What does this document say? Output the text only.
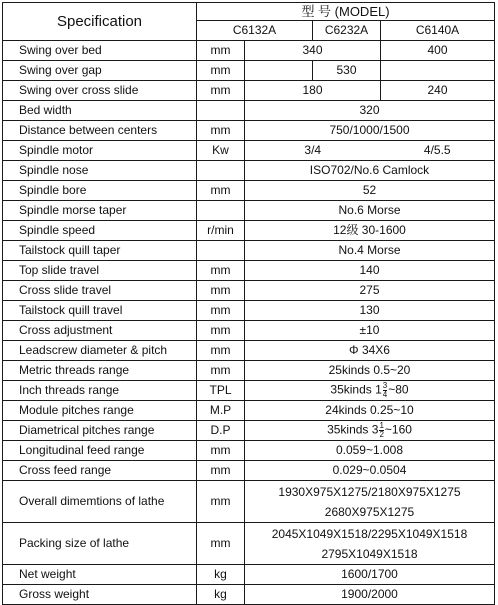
Specification	型 号 (MODEL)			
	C6132A		C6232A	C6140A
Swing over bed	mm	340		400
Swing over gap	mm		530	
Swing over cross slide	mm	180		240
Bed width		320		
Distance between centers	mm	750/1000/1500		
Spindle motor	Kw	3/4		4/5.5
Spindle nose		ISO702/No.6 Camlock		
Spindle bore	mm	52		
Spindle morse taper		No.6 Morse		
Spindle speed	r/min	12级 30-1600		
Tailstock quill taper		No.4 Morse		
Top slide travel	mm	140		
Cross slide travel	mm	275		
Tailstock quill travel	mm	130		
Cross adjustment	mm	±10		
Leadscrew diameter & pitch	mm	Φ 34X6		
Metric threads range	mm	25kinds 0.5~20		
Inch threads range	TPL	35kinds $1 \frac{3}{4}$ ~80		
Module pitches range	M.P	24kinds 0.25~10		
Diametrical pitches range	D.P	35kinds $3 \frac{1}{2}$ ~160		
Longitudinal feed range	mm	0.059~1.008		
Cross feed range	mm	0.029~0.0504		
Overall dimemtions of lathe	mm	1930X975X1275/2180X975X1275
2680X975X1275		

Packing size of lathe	mm	2045X1049X1518/2295X1049X1518
2795X1049X1518		

Net weight	kg	1600/1700		
Gross weight	kg	1900/2000		
